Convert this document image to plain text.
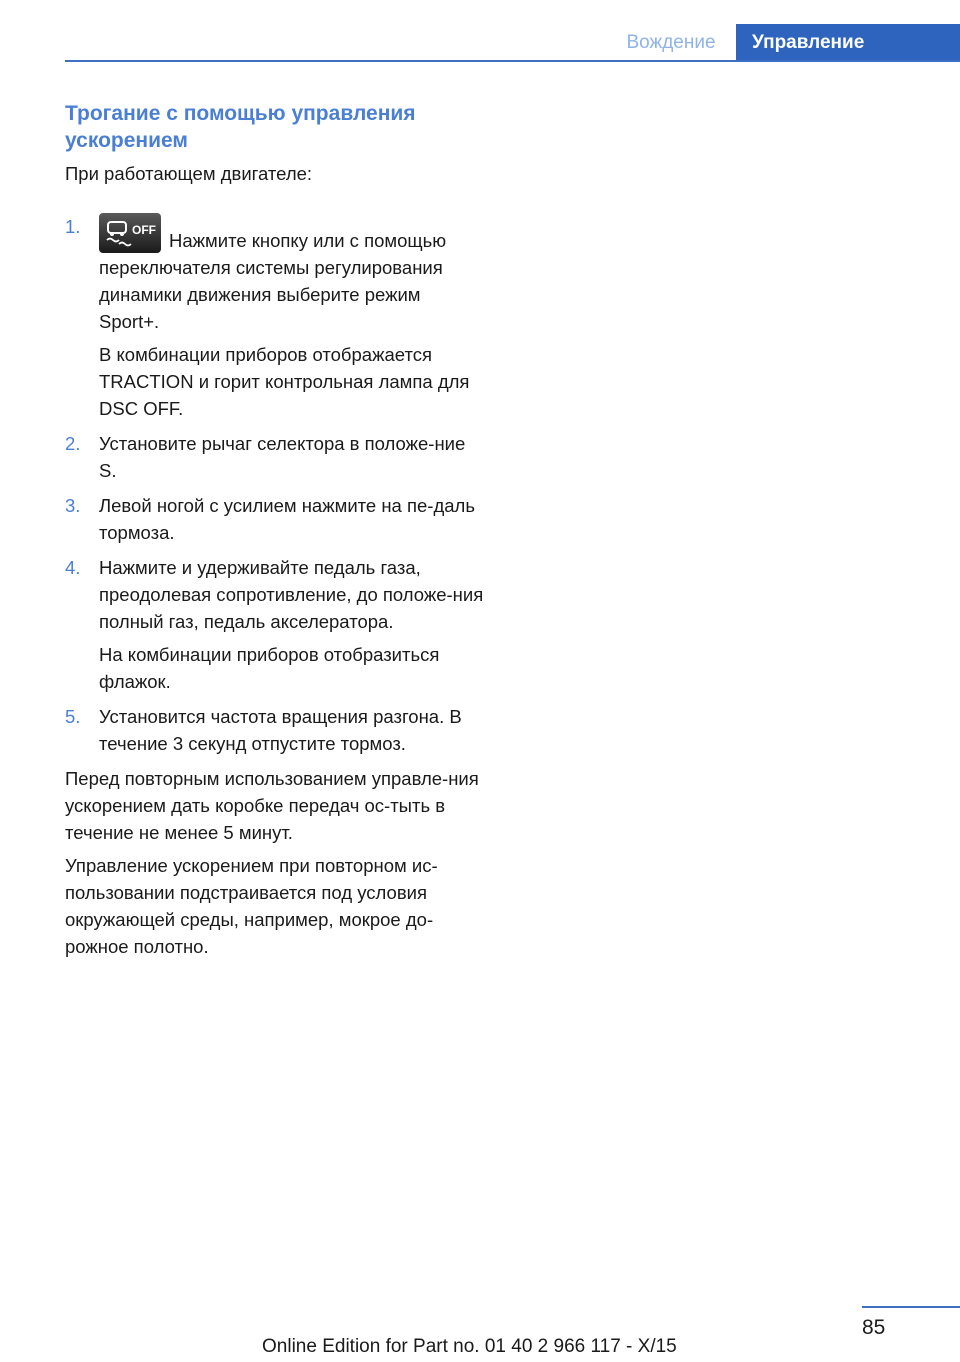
Вождение	Управление
Трогание с помощью управления ускорением

При работающем двигателе:

1.	OFF Нажмите кнопку или с помощью переключателя системы регулирования динамики движения выберите режим Sport+.

В комбинации приборов отображается TRACTION и горит контрольная лампа для DSC OFF.

2. Установите рычаг селектора в положе-ние S.

3. Левой ногой с усилием нажмите на пе-даль тормоза.

4. Нажмите и удерживайте педаль газа, преодолевая сопротивление, до положе-ния полный газ, педаль акселератора.

На комбинации приборов отобразиться флажок.

5. Установится частота вращения разгона. В течение 3 секунд отпустите тормоз.

Перед повторным использованием управле-ния ускорением дать коробке передач ос-тыть в течение не менее 5 минут.

Управление ускорением при повторном ис-пользовании подстраивается под условия окружающей среды, например, мокрое до-рожное полотно.

85
Online Edition for Part no. 01 40 2 966 117 - X/15
